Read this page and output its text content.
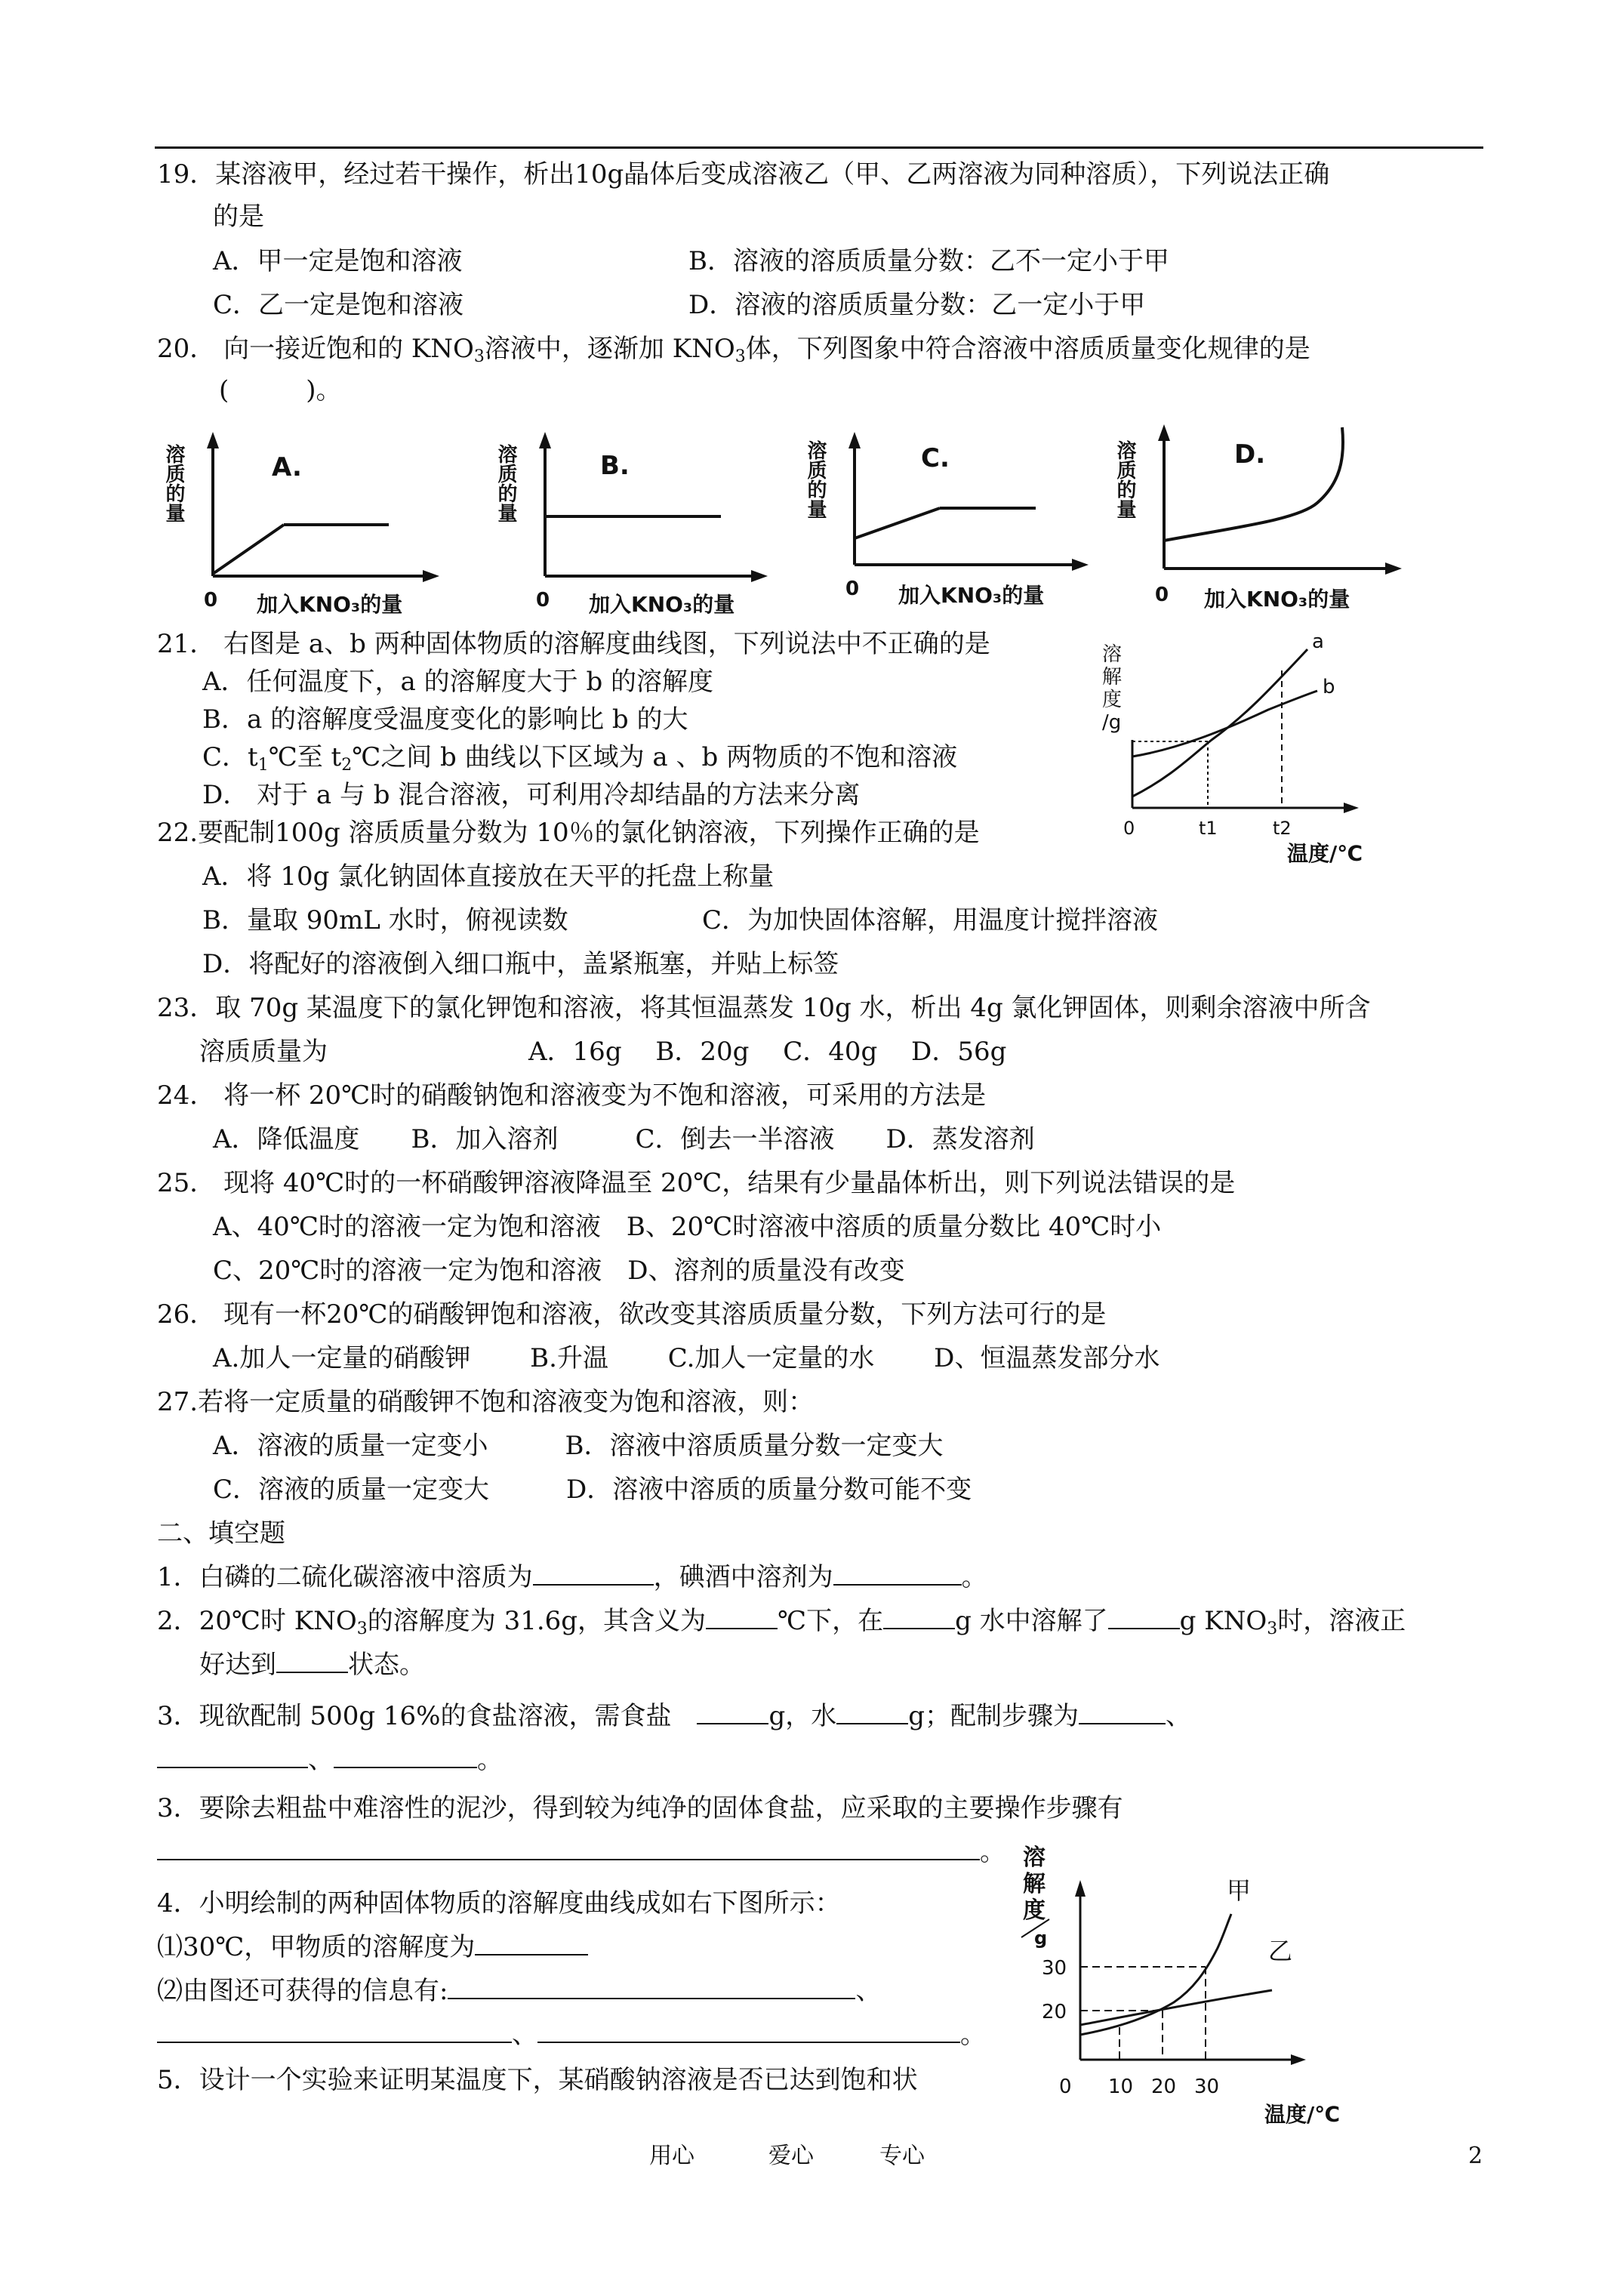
19．某溶液甲，经过若干操作，析出10g晶体后变成溶液乙（甲、乙两溶液为同种溶质），下列说法正确
的是
A．甲一定是饱和溶液	B．溶液的溶质质量分数：乙不一定小于甲
C．乙一定是饱和溶液	D．溶液的溶质质量分数：乙一定小于甲
20． 向一接近饱和的 $KNO_3$溶液中，逐渐加 $KNO_3$体，下列图象中符合溶液中溶质质量变化规律的是
(　　　)。
A.
溶质的量
0 加入KNO₃的量
B.
溶质的量
0 加入KNO₃的量
C.
溶质的量
0 加入KNO₃的量
D.
溶质的量
0 加入KNO₃的量
21． 右图是 a、b 两种固体物质的溶解度曲线图，下列说法中不正确的是
A．任何温度下，a 的溶解度大于 b 的溶解度
B．a 的溶解度受温度变化的影响比 b 的大
C．$t_1℃$至 $t_2℃$之间 b 曲线以下区域为 a 、b 两物质的不饱和溶液
D． 对于 a 与 b 混合溶液，可利用冷却结晶的方法来分离
溶
解
度
/g
a
b
0	t1	t2
温度/℃
22.要配制100g 溶质质量分数为 10％的氯化钠溶液，下列操作正确的是
A．将 10g 氯化钠固体直接放在天平的托盘上称量
B．量取 90mL 水时，俯视读数	C．为加快固体溶解，用温度计搅拌溶液
D．将配好的溶液倒入细口瓶中，盖紧瓶塞，并贴上标签
23．取 70g 某温度下的氯化钾饱和溶液，将其恒温蒸发 10g 水，析出 4g 氯化钾固体，则剩余溶液中所含
溶质质量为	A．16g　 B．20g　 C．40g　 D．56g
24． 将一杯 20℃时的硝酸钠饱和溶液变为不饱和溶液，可采用的方法是
A．降低温度　　B．加入溶剂　　　C．倒去一半溶液　　D．蒸发溶剂
25． 现将 40℃时的一杯硝酸钾溶液降温至 20℃，结果有少量晶体析出，则下列说法错误的是
A、40℃时的溶液一定为饱和溶液　B、20℃时溶液中溶质的质量分数比 40℃时小
C、20℃时的溶液一定为饱和溶液　D、溶剂的质量没有改变
26． 现有一杯20℃的硝酸钾饱和溶液，欲改变其溶质质量分数，下列方法可行的是
A.加人一定量的硝酸钾　　 B.升温　　 C.加人一定量的水　　 D、恒温蒸发部分水
27.若将一定质量的硝酸钾不饱和溶液变为饱和溶液，则：
A．溶液的质量一定变小　　　B．溶液中溶质质量分数一定变大
C．溶液的质量一定变大　　　D．溶液中溶质的质量分数可能不变
二、填空题
1．白磷的二硫化碳溶液中溶质为	，碘酒中溶剂为	。
2．20℃时 $KNO_3$的溶解度为 31.6g，其含义为	℃下，在	g 水中溶解了	g $KNO_3$时，溶液正
好达到	状态。
3．现欲配制 500g 16%的食盐溶液，需食盐　	g，水	g；配制步骤为	、
、	。
3．要除去粗盐中难溶性的泥沙，得到较为纯净的固体食盐，应采取的主要操作步骤有
。
4．小明绘制的两种固体物质的溶解度曲线成如右下图所示：
⑴30℃，甲物质的溶解度为
⑵由图还可获得的信息有:	、
、	。
5．设计一个实验来证明某温度下，某硝酸钠溶液是否已达到饱和状
溶
解
度
g
甲
乙
30
20
0 10 20 30
温度/℃
用心	爱心	专心	2
